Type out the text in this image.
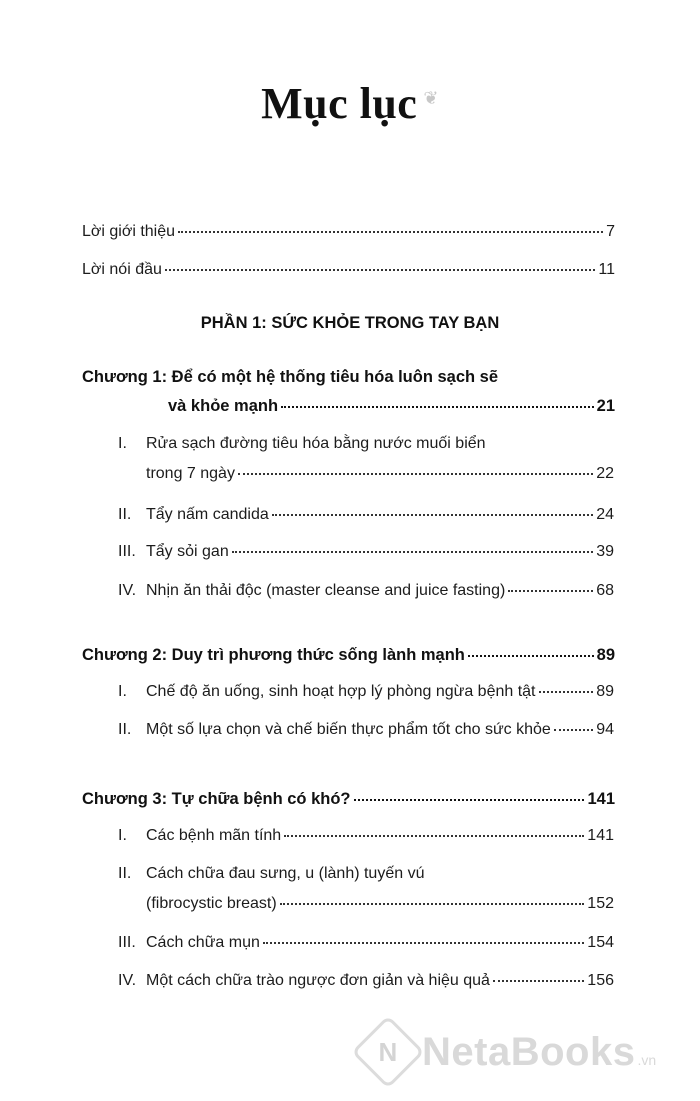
Mục lục ❦
Lời giới thiệu	7
Lời nói đầu	11
PHẦN 1: SỨC KHỎE TRONG TAY BẠN
Chương 1: Để có một hệ thống tiêu hóa luôn sạch sẽ
và khỏe mạnh	21
I. Rửa sạch đường tiêu hóa bằng nước muối biển
trong 7 ngày	22
II. Tẩy nấm candida	24
III. Tẩy sỏi gan	39
IV. Nhịn ăn thải độc (master cleanse and juice fasting)	68
Chương 2: Duy trì phương thức sống lành mạnh	89
I. Chế độ ăn uống, sinh hoạt hợp lý phòng ngừa bệnh tật	89
II. Một số lựa chọn và chế biến thực phẩm tốt cho sức khỏe	94
Chương 3: Tự chữa bệnh có khó?	141
I. Các bệnh mãn tính	141
II. Cách chữa đau sưng, u (lành) tuyến vú
(fibrocystic breast)	152
III. Cách chữa mụn	154
IV. Một cách chữa trào ngược đơn giản và hiệu quả	156
N NetaBooks .vn
